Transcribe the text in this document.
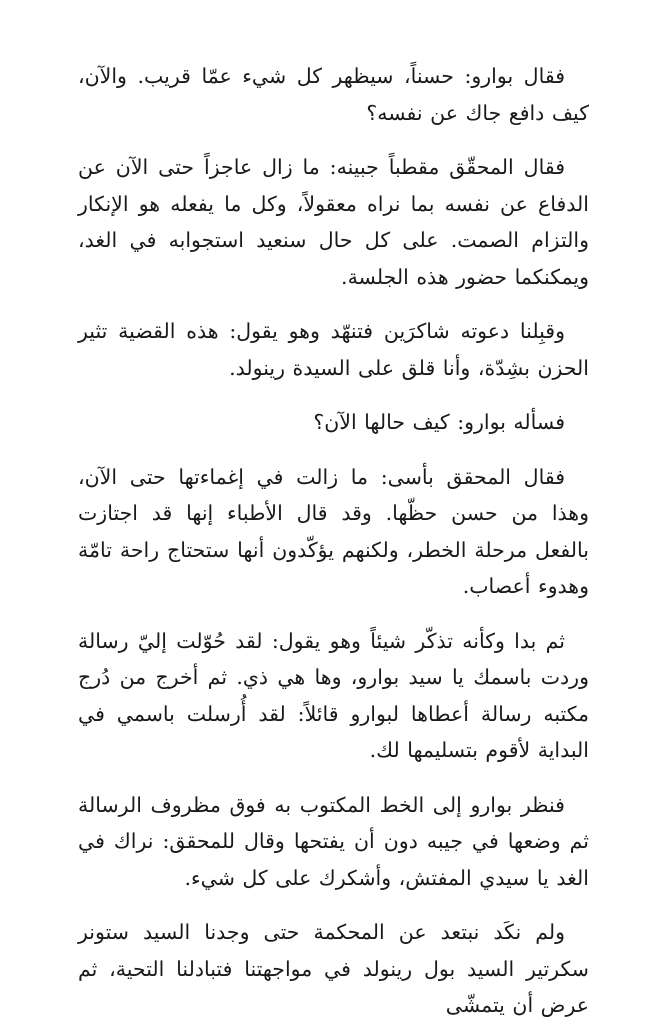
فقال بوارو: حسناً، سيظهر كل شيء عمّا قريب. والآن، كيف دافع جاك عن نفسه؟

فقال المحقّق مقطباً جبينه: ما زال عاجزاً حتى الآن عن الدفاع عن نفسه بما نراه معقولاً، وكل ما يفعله هو الإنكار والتزام الصمت. على كل حال سنعيد استجوابه في الغد، ويمكنكما حضور هذه الجلسة.

وقبِلنا دعوته شاكرَين فتنهّد وهو يقول: هذه القضية تثير الحزن بشِدّة، وأنا قلق على السيدة رينولد.

فسأله بوارو: كيف حالها الآن؟

فقال المحقق بأسى: ما زالت في إغماءتها حتى الآن، وهذا من حسن حظّها. وقد قال الأطباء إنها قد اجتازت بالفعل مرحلة الخطر، ولكنهم يؤكّدون أنها ستحتاج راحة تامّة وهدوء أعصاب.

ثم بدا وكأنه تذكّر شيئاً وهو يقول: لقد حُوّلت إليّ رسالة وردت باسمك يا سيد بوارو، وها هي ذي. ثم أخرج من دُرج مكتبه رسالة أعطاها لبوارو قائلاً: لقد أُرسلت باسمي في البداية لأقوم بتسليمها لك.

فنظر بوارو إلى الخط المكتوب به فوق مظروف الرسالة ثم وضعها في جيبه دون أن يفتحها وقال للمحقق: نراك في الغد يا سيدي المفتش، وأشكرك على كل شيء.

ولم نكَد نبتعد عن المحكمة حتى وجدنا السيد ستونر سكرتير السيد بول رينولد في مواجهتنا فتبادلنا التحية، ثم عرض أن يتمشّى
